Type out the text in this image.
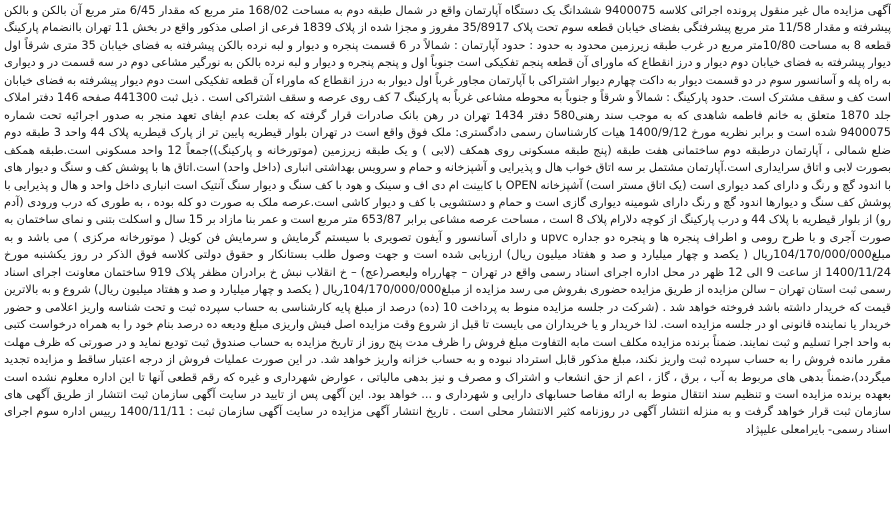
آگهی مزایده مال غیر منقول پرونده اجرائی کلاسه 9400075 ششدانگ یک دستگاه آپارتمان واقع در شمال طبقه دوم به مساحت 168/02 متر مربع که مقدار 6/45 متر مربع آن بالکن و بالکن پیشرفته و مقدار 11/58 متر مربع پیشرفتگی بفضای خیابان قطعه سوم تحت پلاک 35/8917 مفروز و مجزا شده از پلاک 1839 فرعی از اصلی مذکور واقع در بخش 11 تهران باانضمام پارکینگ قطعه 8 به مساحت 10/80متر مربع در غرب طبقه زیرزمین محدود به حدود : حدود آپارتمان : شمالاً در 6 قسمت پنجره و دیوار و لبه نرده بالکن پیشرفته به فضای خیابان 35 متری شرقاً اول دیوار پیشرفته به فضای خیابان دوم دیوار و درز انقطاع که ماورای آن قطعه پنجم تفکیکی است جنوباً اول و پنجم پنجره و دیوار و لبه نرده بالکن به نورگیر مشاعی دوم در سه قسمت در و دیواری به راه پله و آسانسور سوم در دو قسمت دیوار به داکت چهارم دیوار اشتراکی با آپارتمان مجاور غرباً اول دیوار به درز انقطاع که ماوراء آن قطعه تفکیکی است دوم دیوار پیشرفته به فضای خیابان است کف و سقف مشترک است. حدود پارکینگ : شمالاً و شرقاً و جنوباً به محوطه مشاعی غرباً به پارکینگ 7 کف روی عرصه و سقف اشتراکی است . ذیل ثبت 441300 صفحه 146 دفتر املاک جلد 1870 متعلق به خانم فاطمه شاهدی که به موجب سند رهنی580 دفتر 1434 تهران در رهن بانک صادرات قرار گرفته که بعلت عدم ایفای تعهد منجر به صدور اجرائیه تحت شماره 9400075 شده است و برابر نظریه مورخ 1400/9/12 هیات کارشناسان رسمی دادگستری: ملک فوق واقع است در تهران بلوار قیطریه پایین تر از پارک قیطریه پلاک 44 واحد 3 طبقه دوم ضلع شمالی ، آپارتمان درطبقه دوم ساختمانی هفت طبقه (پنج طبقه مسکونی روی همکف (لابی ) و یک طبقه زیرزمین (موتورخانه و پارکینگ))جمعاً 12 واحد مسکونی است.طبقه همکف بصورت لابی و اتاق سرایداری است.آپارتمان مشتمل بر سه اتاق خواب هال و پذیرایی و آشپزخانه و حمام و سرویس بهداشتی انباری (داخل واحد) است.اتاق ها با پوشش کف و سنگ و دیوار های با اندود گچ و رنگ و دارای کمد دیواری است (یک اتاق مستر است) آشپزخانه OPEN با کابینت ام دی اف و سینک و هود با کف سنگ و دیوار سنگ آنتیک است انباری داخل واحد و هال و پذیرایی با پوشش کف سنگ و دیوارها اندود گچ و رنگ دارای شومینه دیواری گازی است و حمام و دستشویی با کف و دیوار کاشی است.عرصه ملک به صورت دو کله بوده ، به طوری که درب ورودی (آدم رو) از بلوار قیطریه با پلاک 44 و درب پارکینگ از کوچه دلارام پلاک 8 است ، مساحت عرصه مشاعی برابر 653/87 متر مربع است و عمر بنا مازاد بر 15 سال و اسکلت بتنی و نمای ساختمان به صورت آجری و با طرح رومی و اطراف پنجره ها و پنجره دو جداره upvc و دارای آسانسور و آیفون تصویری با سیستم گرمایش و سرمایش فن کویل ( موتورخانه مرکزی ) می باشد و به مبلغ104/170/000/000ریال ( یکصد و چهار میلیارد و صد و هفتاد میلیون ریال) ارزیابی شده است و جهت وصول طلب بستانکار و حقوق دولتی کلاسه فوق الذکر در روز یکشنبه مورخ 1400/11/24 از ساعت 9 الی 12 ظهر در محل اداره اجرای اسناد رسمی واقع در تهران – چهارراه ولیعصر(عج) – خ انقلاب نبش خ برادران مظفر پلاک 919 ساختمان معاونت اجرای اسناد رسمی ثبت استان تهران – سالن مزایده از طریق مزایده حضوری بفروش می رسد مزایده از مبلغ104/170/000/000ریال ( یکصد و چهار میلیارد و صد و هفتاد میلیون ریال) شروع و به بالاترین قیمت که خریدار داشته باشد فروخته خواهد شد . (شرکت در جلسه مزایده منوط به پرداخت 10 (ده) درصد از مبلغ پایه کارشناسی به حساب سپرده ثبت و تحت شناسه واریز اعلامی و حضور خریدار یا نماینده قانونی او در جلسه مزایده است. لذا خریدار و یا خریداران می بایست تا قبل از شروع وقت مزایده اصل فیش واریزی مبلغ ودیعه ده درصد بنام خود را به همراه درخواست کتبی به واحد اجرا تسلیم و ثبت نمایند. ضمناً برنده مزایده مکلف است مابه التفاوت مبلغ فروش را ظرف مدت پنج روز از تاریخ مزایده به حساب صندوق ثبت تودیع نماید و در صورتی که ظرف مهلت مقرر مانده فروش را به حساب سپرده ثبت واریز نکند، مبلغ مذکور قابل استرداد نبوده و به حساب خزانه واریز خواهد شد. در این صورت عملیات فروش از درجه اعتبار ساقط و مزایده تجدید میگردد)،ضمناً بدهی های مربوط به آب ، برق ، گاز ، اعم از حق انشعاب و اشتراک و مصرف و نیز بدهی مالیاتی ، عوارض شهرداری و غیره که رقم قطعی آنها تا این اداره معلوم نشده است بعهده برنده مزایده است و تنظیم سند انتقال منوط به ارائه مفاصا حسابهای دارایی و شهرداری و ... خواهد بود. این آگهی پس از تایید در سایت آگهی سازمان ثبت انتشار از طریق آگهی های سازمان ثبت قرار خواهد گرفت و به منزله انتشار آگهی در روزنامه کثیر الانتشار محلی است . تاریخ انتشار آگهی مزایده در سایت آگهی سازمان ثبت : 1400/11/11 رییس اداره سوم اجرای اسناد رسمی- بایرامعلی علیپژاد
